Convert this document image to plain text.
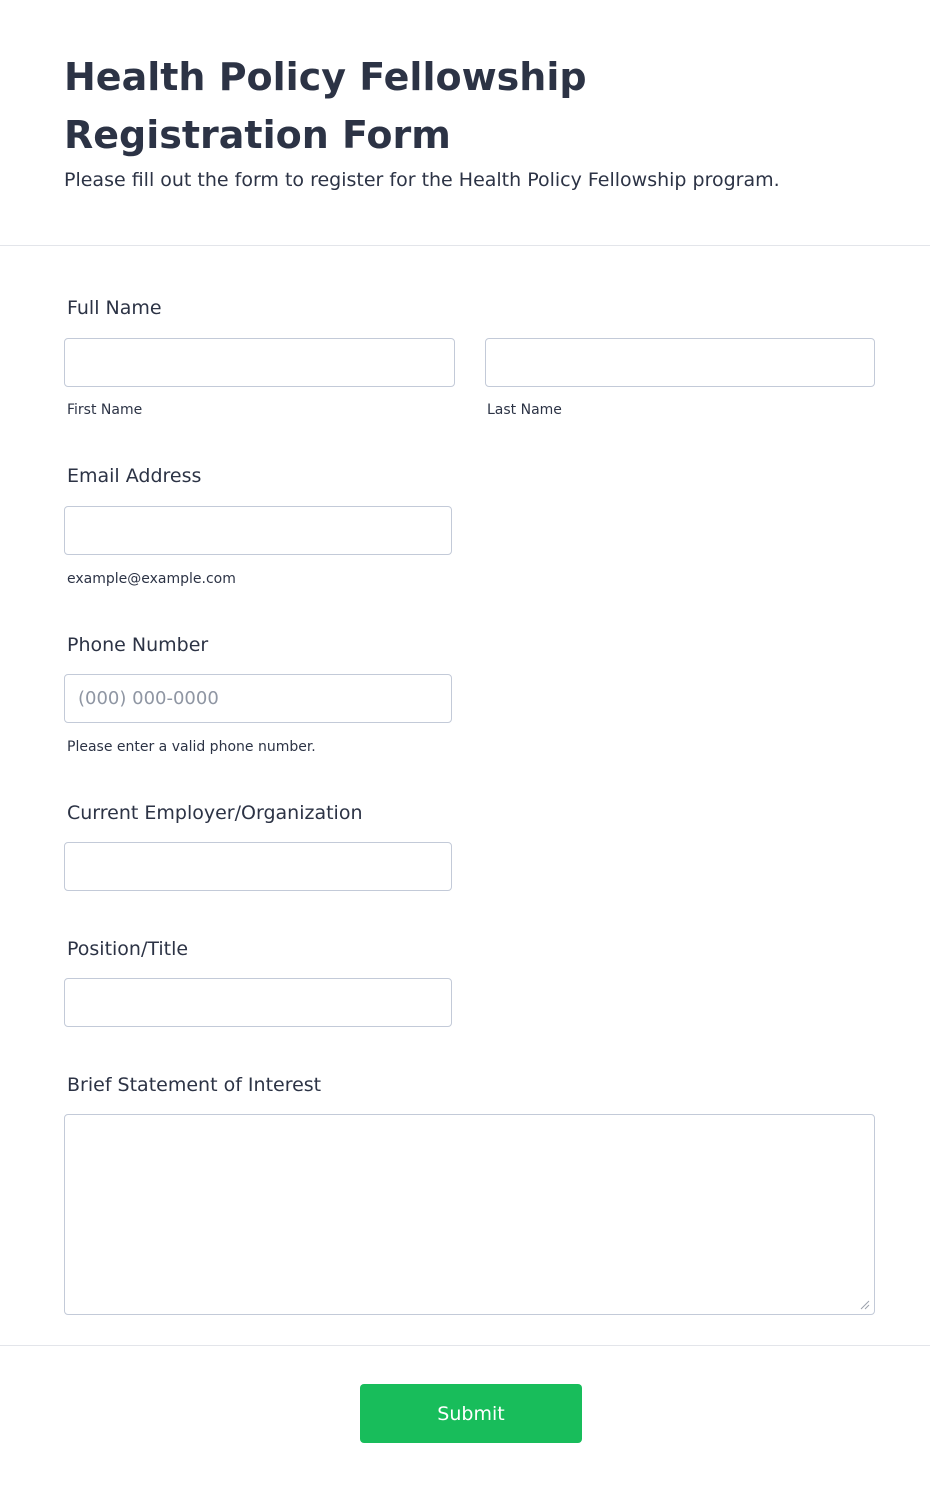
Health Policy Fellowship Registration Form

Please fill out the form to register for the Health Policy Fellowship program.

Full Name
First Name	Last Name
Email Address
example@example.com
Phone Number
(000) 000-0000
Please enter a valid phone number.
Current Employer/Organization
Position/Title
Brief Statement of Interest
Submit
